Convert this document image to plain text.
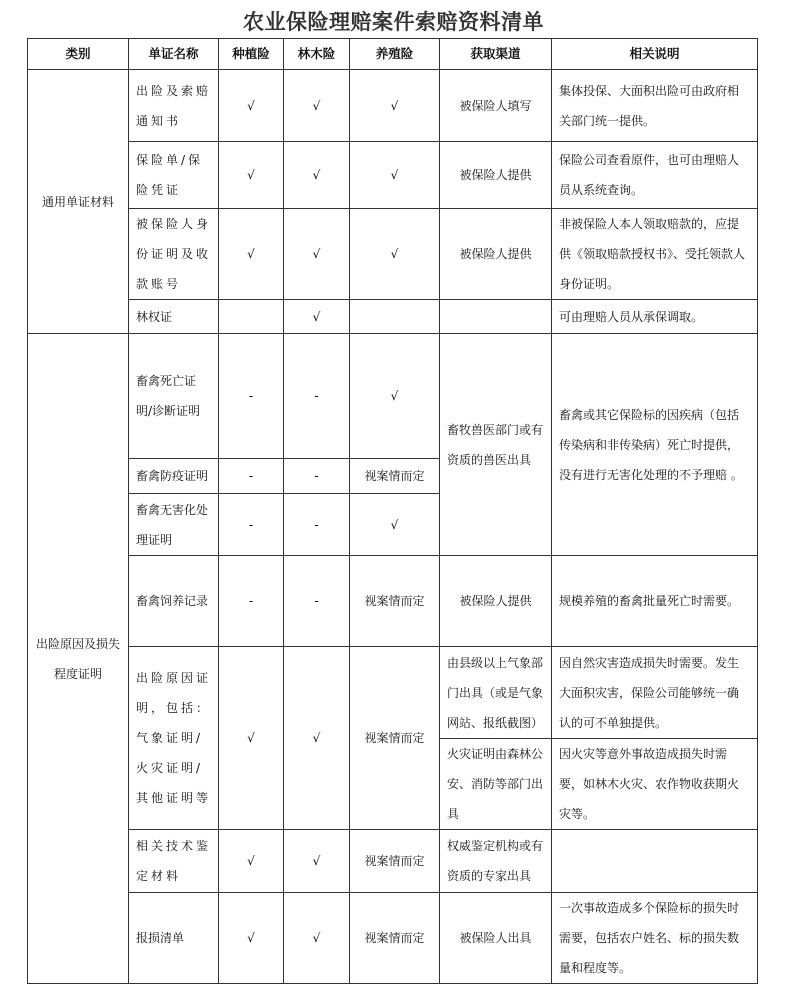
农业保险理赔案件索赔资料清单
类别	单证名称	种植险	林木险	养殖险	获取渠道	相关说明
通用单证材料	出险及索赔通知书	√	√	√	被保险人填写	集体投保、大面积出险可由政府相关部门统一提供。
	保险单/保险凭证	√	√	√	被保险人提供	保险公司查看原件，也可由理赔人员从系统查询。
	被保险人身份证明及收款账号	√	√	√	被保险人提供	非被保险人本人领取赔款的，应提供《领取赔款授权书》、受托领款人身份证明。
	林权证		√			可由理赔人员从承保调取。
出险原因及损失程度证明	畜禽死亡证明/诊断证明	-	-	√	畜牧兽医部门或有资质的兽医出具	畜禽或其它保险标的因疾病（包括传染病和非传染病）死亡时提供，没有进行无害化处理的不予理赔 。
	畜禽防疫证明	-	-	视案情而定		
	畜禽无害化处理证明	-	-	√		
	畜禽饲养记录	-	-	视案情而定	被保险人提供	规模养殖的畜禽批量死亡时需要。
	出险原因证明，包括：气象证明/火灾证明/其他证明等	√	√	视案情而定	由县级以上气象部门出具（或是气象网站、报纸截图）	因自然灾害造成损失时需要。发生大面积灾害，保险公司能够统一确认的可不单独提供。
					火灾证明由森林公安、消防等部门出具	因火灾等意外事故造成损失时需要，如林木火灾、农作物收获期火灾等。
	相关技术鉴定材料	√	√	视案情而定	权威鉴定机构或有资质的专家出具	
	报损清单	√	√	视案情而定	被保险人出具	一次事故造成多个保险标的损失时需要，包括农户姓名、标的损失数量和程度等。
